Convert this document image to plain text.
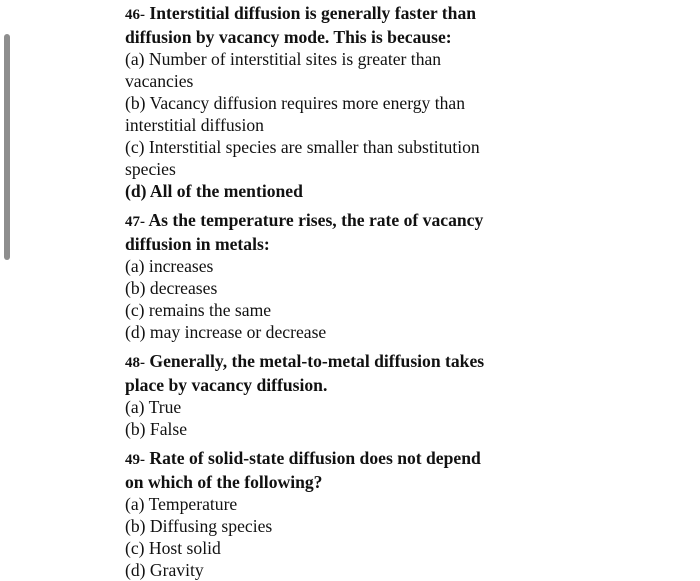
46- Interstitial diffusion is generally faster than diffusion by vacancy mode. This is because:
(a) Number of interstitial sites is greater than vacancies
(b) Vacancy diffusion requires more energy than interstitial diffusion
(c) Interstitial species are smaller than substitution species
(d) All of the mentioned
47- As the temperature rises, the rate of vacancy diffusion in metals:
(a) increases
(b) decreases
(c) remains the same
(d) may increase or decrease
48- Generally, the metal-to-metal diffusion takes place by vacancy diffusion.
(a) True
(b) False
49- Rate of solid-state diffusion does not depend on which of the following?
(a) Temperature
(b) Diffusing species
(c) Host solid
(d) Gravity
